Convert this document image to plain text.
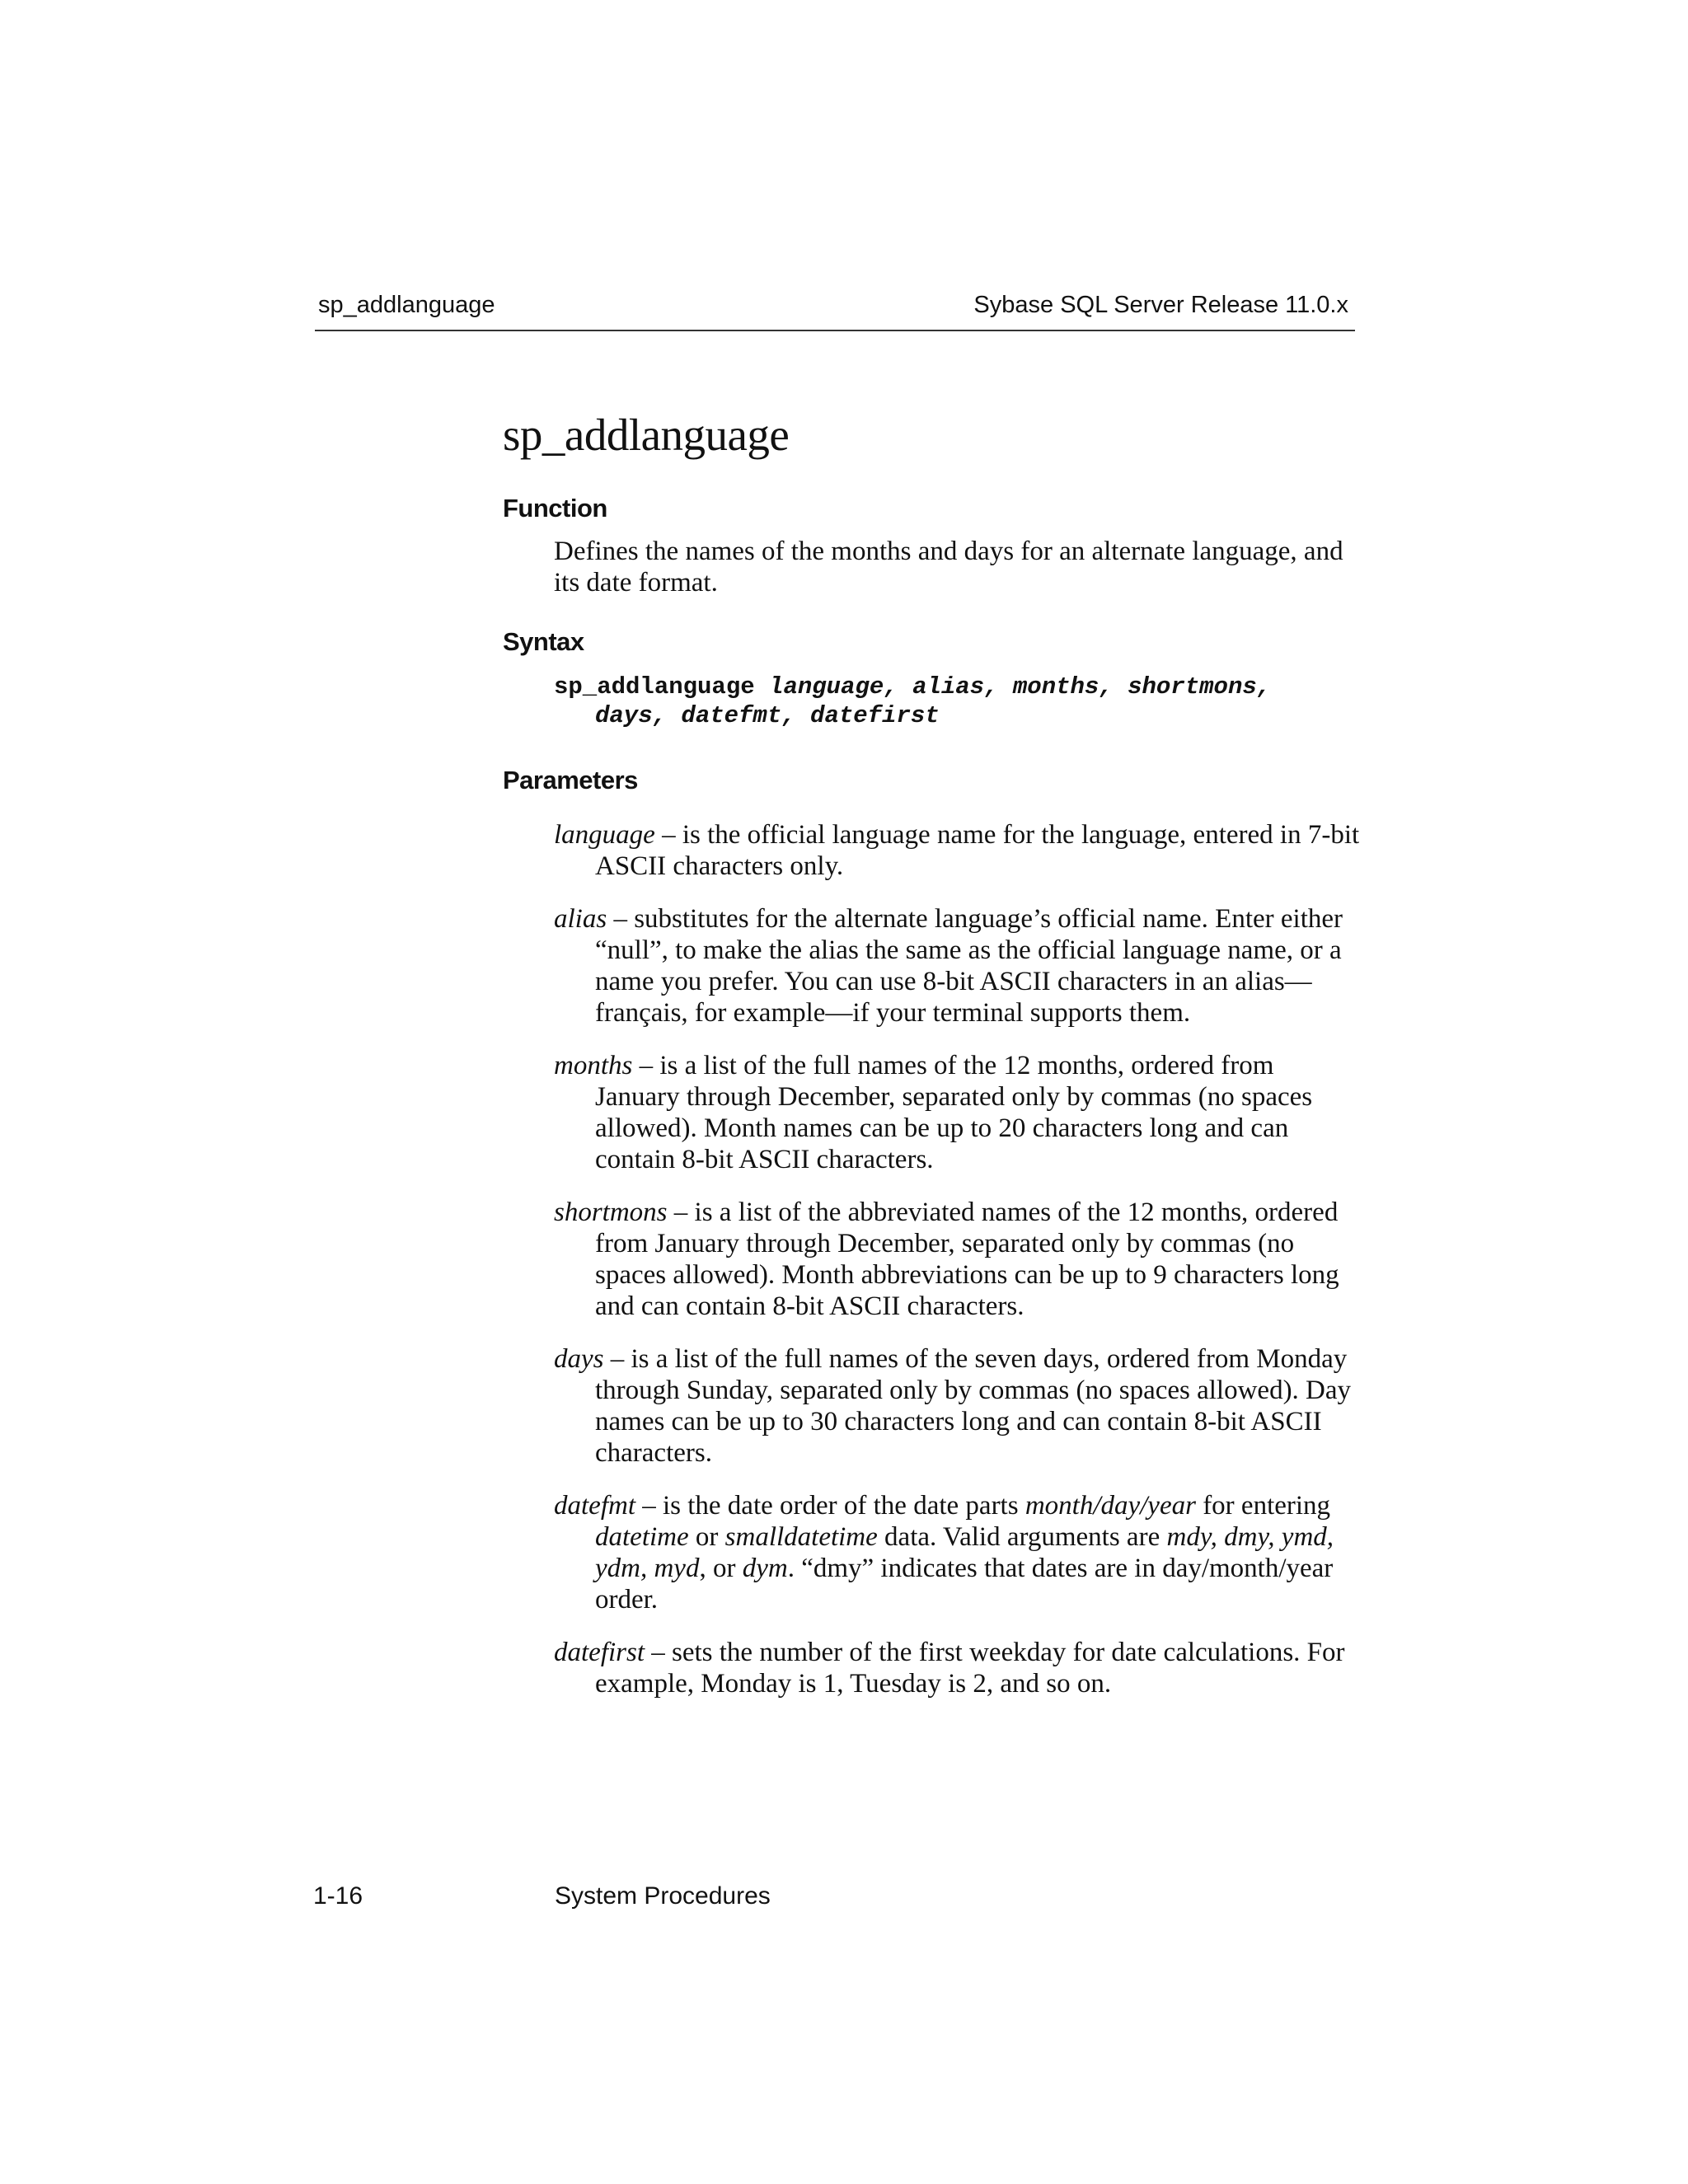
sp_addlanguage	Sybase SQL Server Release 11.0.x
sp_addlanguage
Function

Defines the names of the months and days for an alternate language, and its date format.

Syntax
sp_addlanguage language, alias, months, shortmons,
days, datefmt, datefirst
Parameters

language – is the official language name for the language, entered in 7-bit ASCII characters only.

alias – substitutes for the alternate language’s official name. Enter either “null”, to make the alias the same as the official language name, or a name you prefer. You can use 8-bit ASCII characters in an alias—français, for example—if your terminal supports them.

months – is a list of the full names of the 12 months, ordered from January through December, separated only by commas (no spaces allowed). Month names can be up to 20 characters long and can contain 8-bit ASCII characters.

shortmons – is a list of the abbreviated names of the 12 months, ordered from January through December, separated only by commas (no spaces allowed). Month abbreviations can be up to 9 characters long and can contain 8-bit ASCII characters.

days – is a list of the full names of the seven days, ordered from Monday through Sunday, separated only by commas (no spaces allowed). Day names can be up to 30 characters long and can contain 8-bit ASCII characters.

datefmt – is the date order of the date parts month/day/year for entering datetime or smalldatetime data. Valid arguments are mdy, dmy, ymd, ydm, myd, or dym. “dmy” indicates that dates are in day/month/year order.

datefirst – sets the number of the first weekday for date calculations. For example, Monday is 1, Tuesday is 2, and so on.

1-16	System Procedures
